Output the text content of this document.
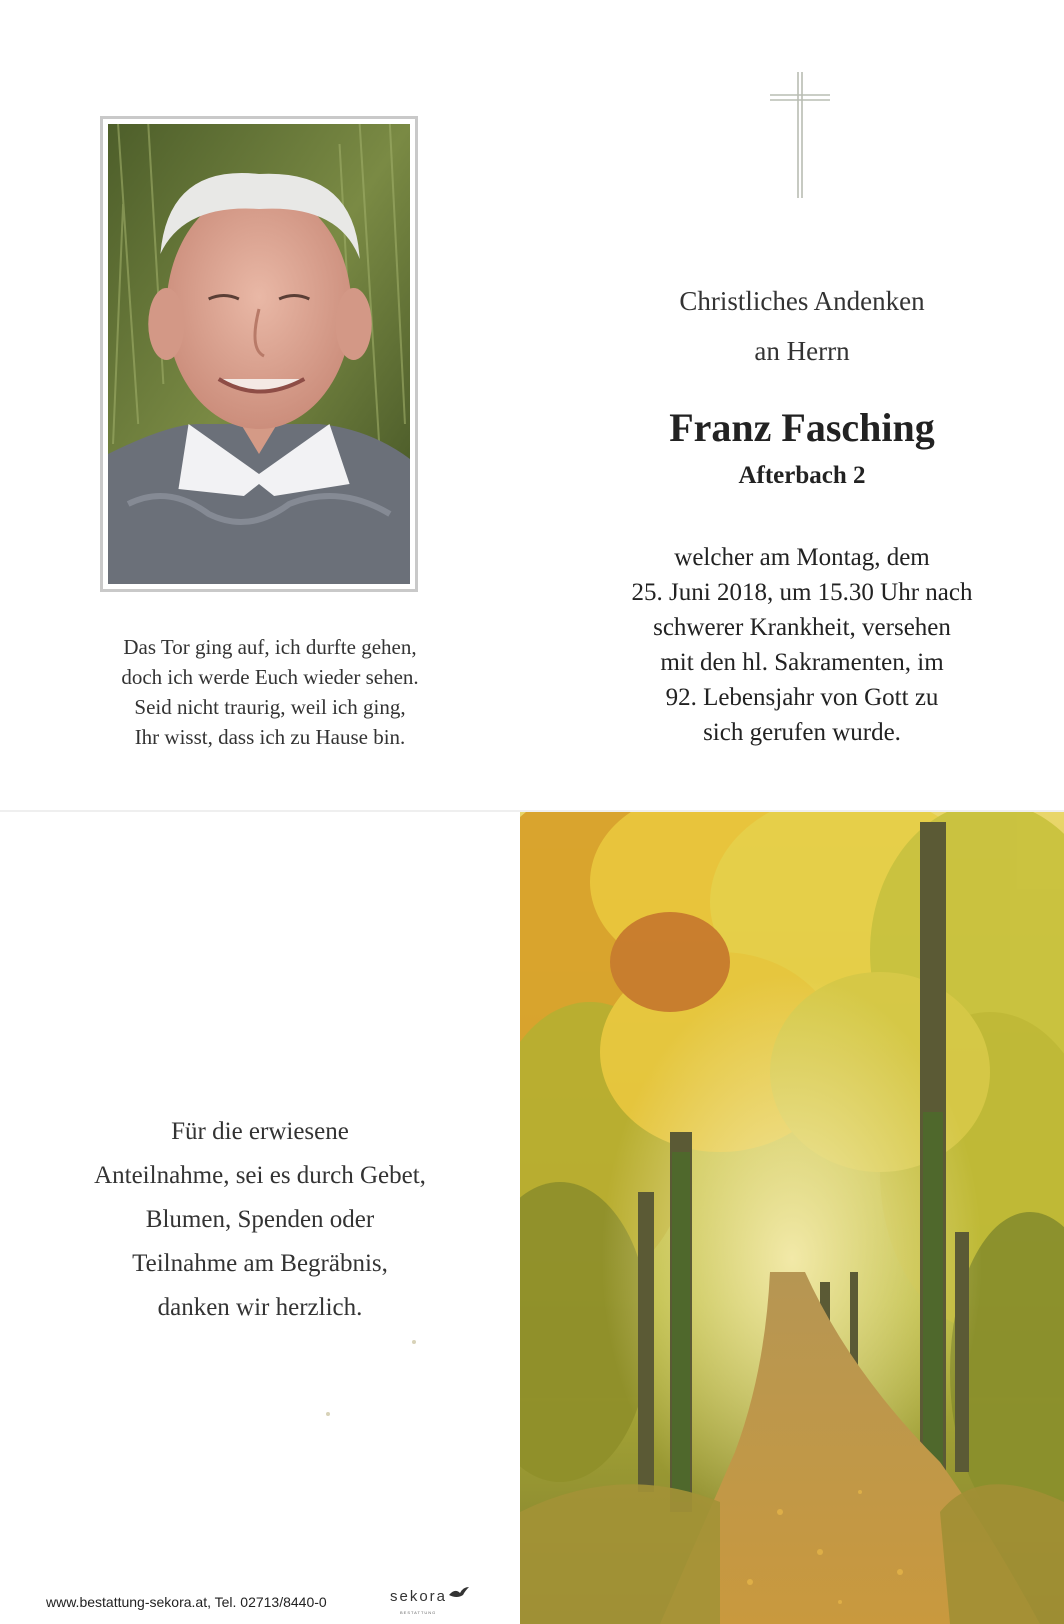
Das Tor ging auf, ich durfte gehen,
doch ich werde Euch wieder sehen.
Seid nicht traurig, weil ich ging,
Ihr wisst, dass ich zu Hause bin.
Christliches Andenken
an Herrn
Franz Fasching
Afterbach 2
welcher am Montag, dem
25. Juni 2018, um 15.30 Uhr nach
schwerer Krankheit, versehen
mit den hl. Sakramenten, im
92. Lebensjahr von Gott zu
sich gerufen wurde.
Für die erwiesene
Anteilnahme, sei es durch Gebet,
Blumen, Spenden oder
Teilnahme am Begräbnis,
danken wir herzlich.
www.bestattung-sekora.at, Tel. 02713/8440-0	sekora
BESTATTUNG
